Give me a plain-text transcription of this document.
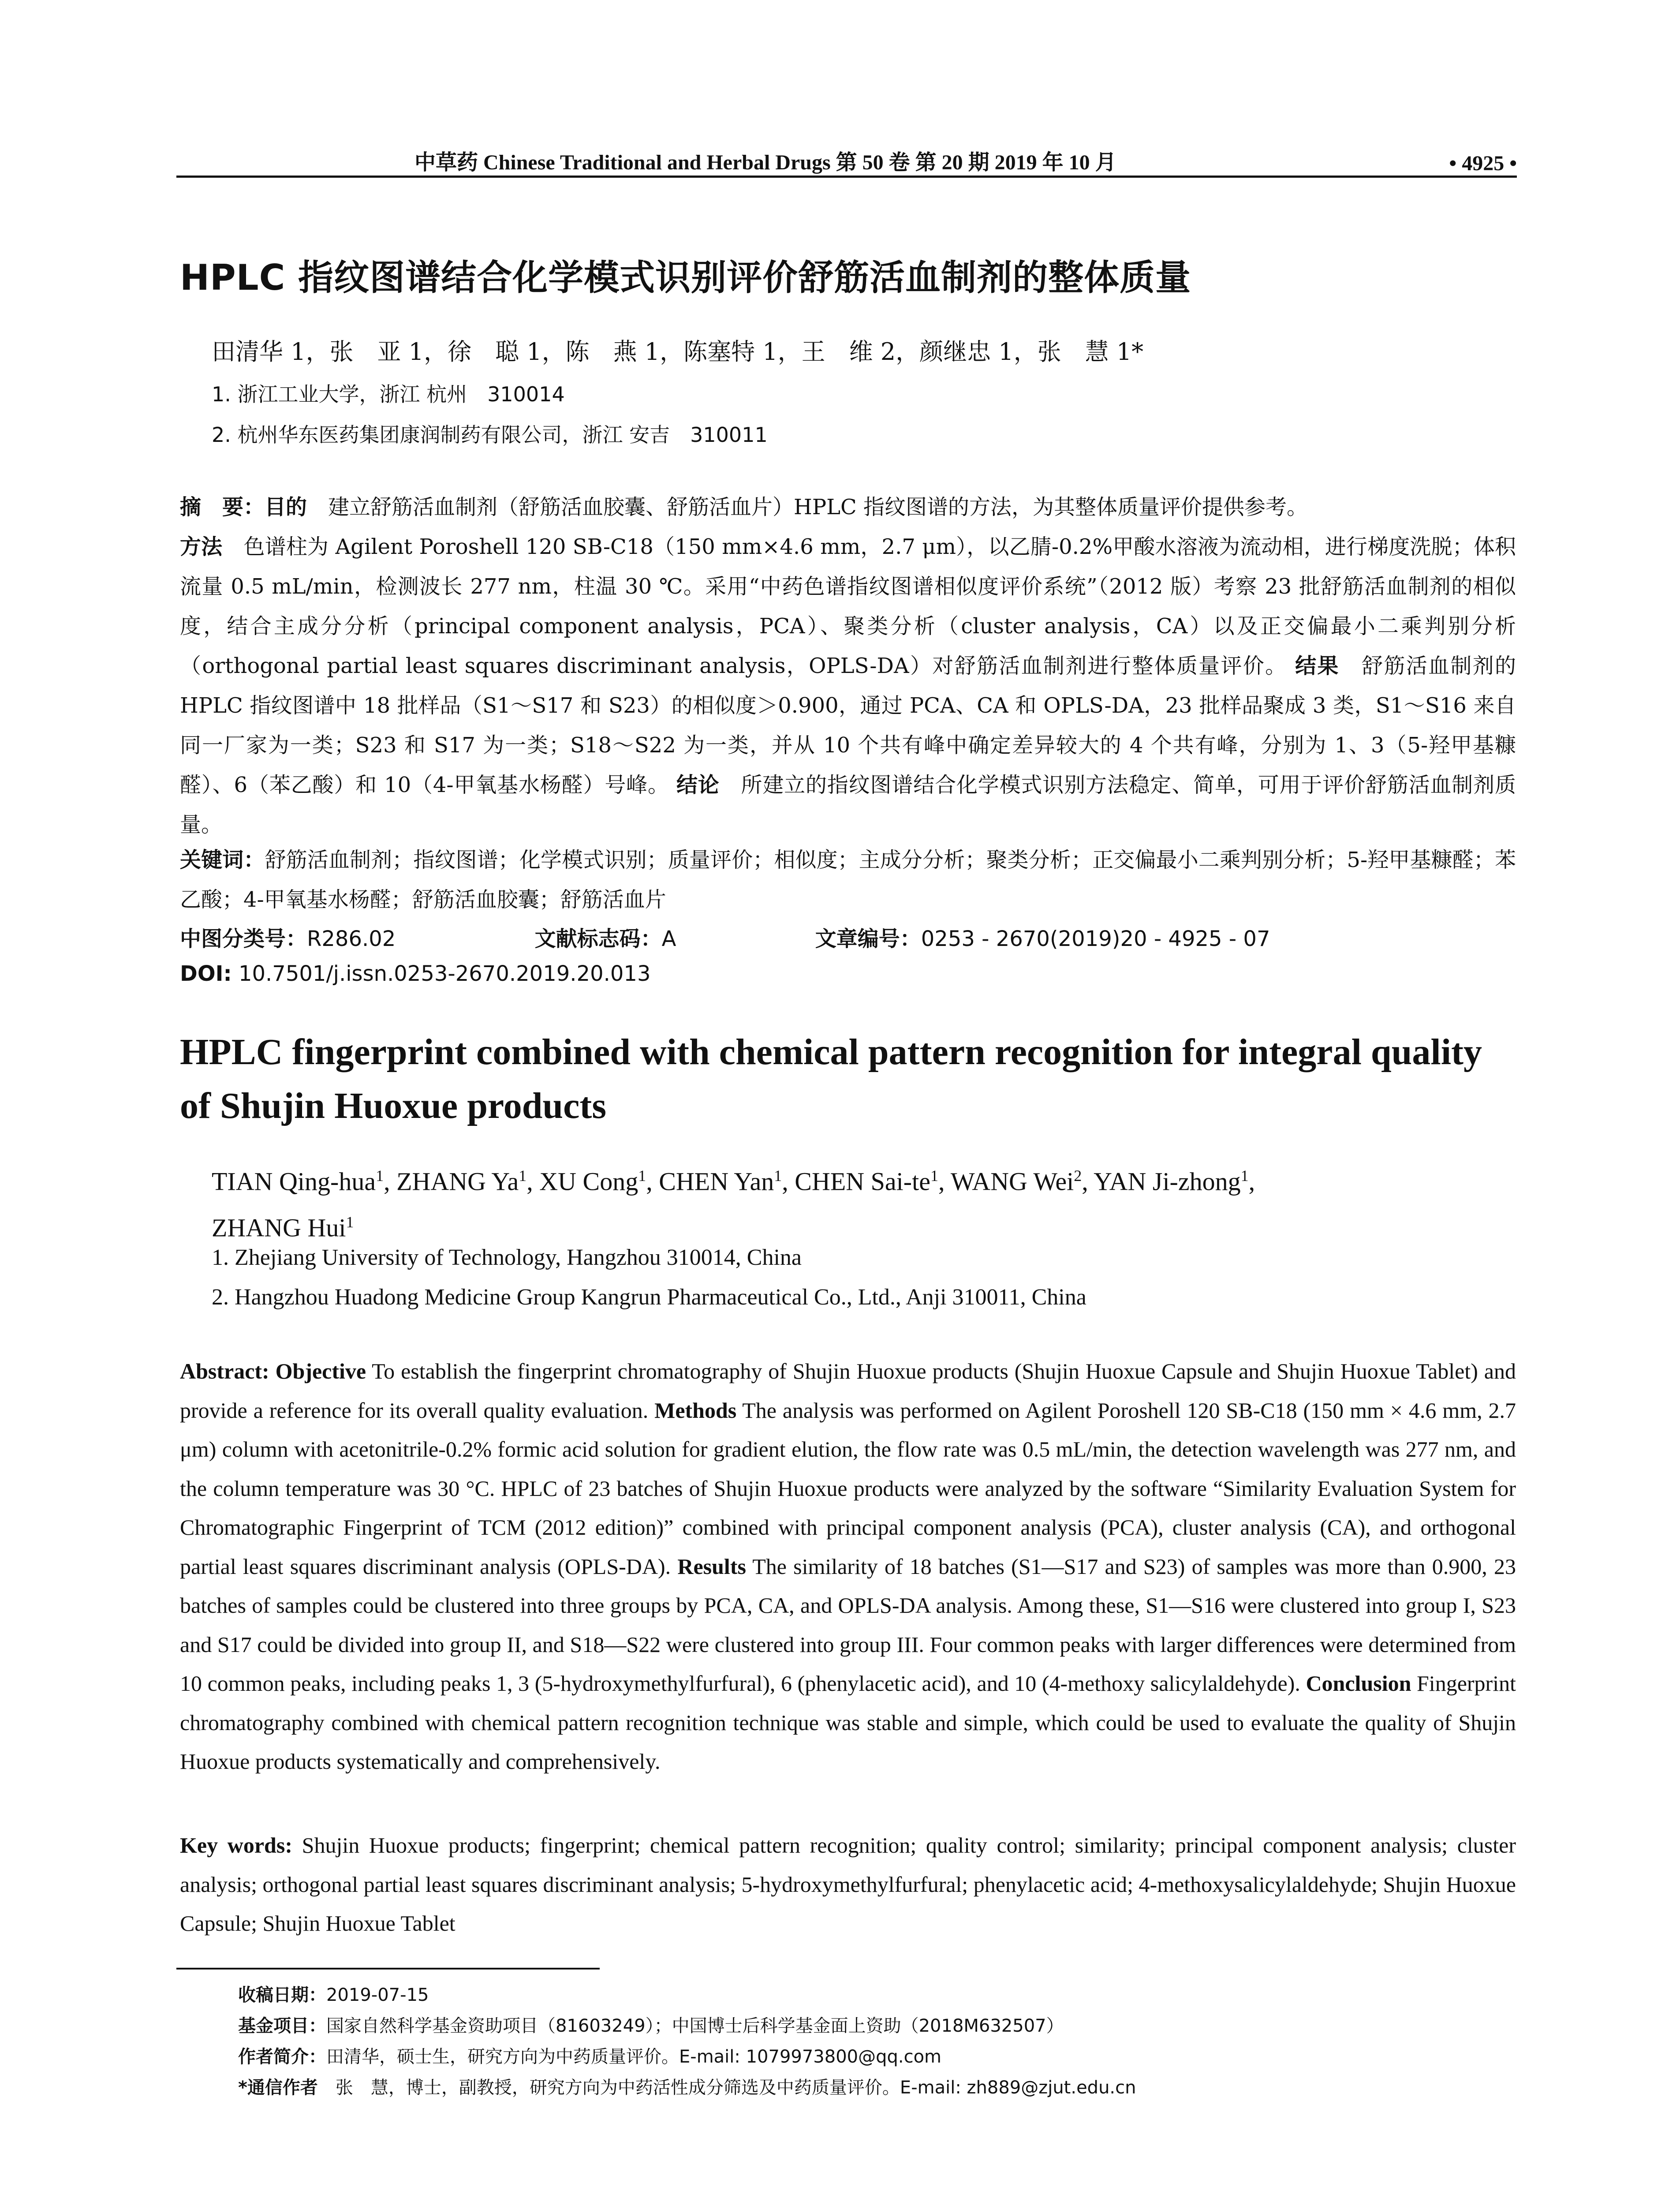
中草药 Chinese Traditional and Herbal Drugs 第 50 卷 第 20 期 2019 年 10 月	• 4925 •
HPLC 指纹图谱结合化学模式识别评价舒筋活血制剂的整体质量
田清华 1，张　亚 1，徐　聪 1，陈　燕 1，陈塞特 1，王　维 2，颜继忠 1，张　慧 1*
1. 浙江工业大学，浙江 杭州　310014
2. 杭州华东医药集团康润制药有限公司，浙江 安吉　310011
摘　要：目的　建立舒筋活血制剂（舒筋活血胶囊、舒筋活血片）HPLC 指纹图谱的方法，为其整体质量评价提供参考。
方法　色谱柱为 Agilent Poroshell 120 SB-C18（150 mm×4.6 mm，2.7 μm），以乙腈-0.2%甲酸水溶液为流动相，进行梯度洗脱；体积流量 0.5 mL/min，检测波长 277 nm，柱温 30 ℃。采用“中药色谱指纹图谱相似度评价系统”（2012 版）考察 23 批舒筋活血制剂的相似度，结合主成分分析（principal component analysis，PCA）、聚类分析（cluster analysis，CA）以及正交偏最小二乘判别分析（orthogonal partial least squares discriminant analysis，OPLS-DA）对舒筋活血制剂进行整体质量评价。 结果　舒筋活血制剂的 HPLC 指纹图谱中 18 批样品（S1～S17 和 S23）的相似度＞0.900，通过 PCA、CA 和 OPLS-DA，23 批样品聚成 3 类，S1～S16 来自同一厂家为一类；S23 和 S17 为一类；S18～S22 为一类，并从 10 个共有峰中确定差异较大的 4 个共有峰，分别为 1、3（5-羟甲基糠醛）、6（苯乙酸）和 10（4-甲氧基水杨醛）号峰。 结论　所建立的指纹图谱结合化学模式识别方法稳定、简单，可用于评价舒筋活血制剂质量。
关键词：舒筋活血制剂；指纹图谱；化学模式识别；质量评价；相似度；主成分分析；聚类分析；正交偏最小二乘判别分析；5-羟甲基糠醛；苯乙酸；4-甲氧基水杨醛；舒筋活血胶囊；舒筋活血片
中图分类号：R286.02	文献标志码：A	文章编号：0253 - 2670(2019)20 - 4925 - 07
DOI: 10.7501/j.issn.0253-2670.2019.20.013
HPLC fingerprint combined with chemical pattern recognition for integral quality of Shujin Huoxue products
TIAN Qing-hua$^1$, ZHANG Ya$^1$, XU Cong$^1$, CHEN Yan$^1$, CHEN Sai-$te^1$, WANG Wei$^2$, YAN Ji-zhong$^1$,
ZHANG Hui$^1$
1. Zhejiang University of Technology, Hangzhou 310014, China
2. Hangzhou Huadong Medicine Group Kangrun Pharmaceutical Co., Ltd., Anji 310011, China
Abstract: Objective To establish the fingerprint chromatography of Shujin Huoxue products (Shujin Huoxue Capsule and Shujin Huoxue Tablet) and provide a reference for its overall quality evaluation. Methods The analysis was performed on Agilent Poroshell 120 SB-C18 (150 mm × 4.6 mm, 2.7 μm) column with acetonitrile-0.2% formic acid solution for gradient elution, the flow rate was 0.5 mL/min, the detection wavelength was 277 nm, and the column temperature was 30 °C. HPLC of 23 batches of Shujin Huoxue products were analyzed by the software “Similarity Evaluation System for Chromatographic Fingerprint of TCM (2012 edition)” combined with principal component analysis (PCA), cluster analysis (CA), and orthogonal partial least squares discriminant analysis (OPLS-DA). Results The similarity of 18 batches (S1—S17 and S23) of samples was more than 0.900, 23 batches of samples could be clustered into three groups by PCA, CA, and OPLS-DA analysis. Among these, S1—S16 were clustered into group I, S23 and S17 could be divided into group II, and S18—S22 were clustered into group III. Four common peaks with larger differences were determined from 10 common peaks, including peaks 1, 3 (5-hydroxymethylfurfural), 6 (phenylacetic acid), and 10 (4-methoxy salicylaldehyde). Conclusion Fingerprint chromatography combined with chemical pattern recognition technique was stable and simple, which could be used to evaluate the quality of Shujin Huoxue products systematically and comprehensively.
Key words: Shujin Huoxue products; fingerprint; chemical pattern recognition; quality control; similarity; principal component analysis; cluster analysis; orthogonal partial least squares discriminant analysis; 5-hydroxymethylfurfural; phenylacetic acid; 4-methoxysalicylaldehyde; Shujin Huoxue Capsule; Shujin Huoxue Tablet
收稿日期：2019-07-15
基金项目：国家自然科学基金资助项目（81603249）；中国博士后科学基金面上资助（2018M632507）
作者简介：田清华，硕士生，研究方向为中药质量评价。E-mail: 1079973800@qq.com
*通信作者　张　慧，博士，副教授，研究方向为中药活性成分筛选及中药质量评价。E-mail: zh889@zjut.edu.cn
